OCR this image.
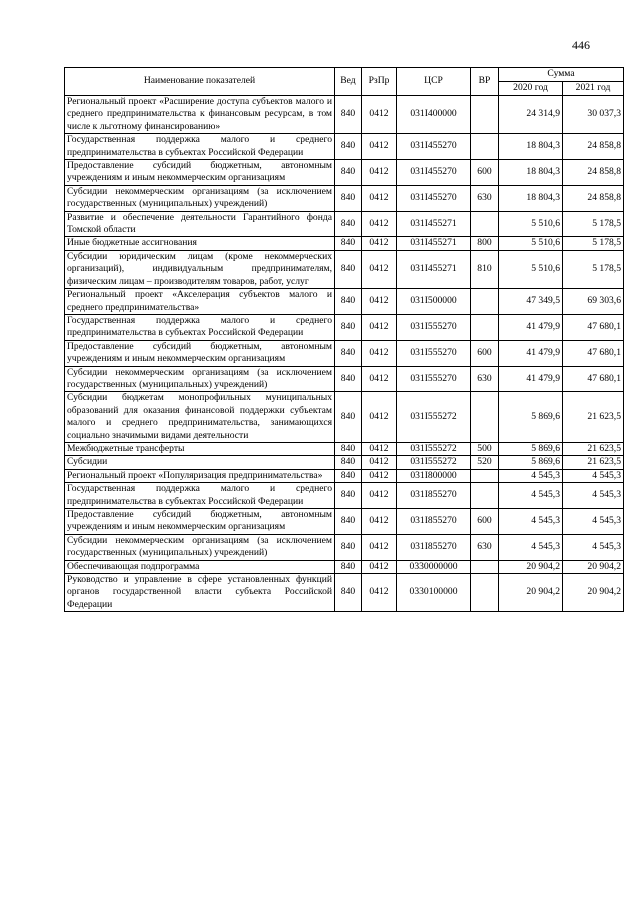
446
Наименование показателей	Вед	РзПр	ЦСР	ВР	Сумма	
					2020 год	2021 год
Региональный проект «Расширение доступа субъектов малого и среднего предпринимательства к финансовым ресурсам, в том числе к льготному финансированию»	840	0412	031I400000		24 314,9	30 037,3
Государственная поддержка малого и среднего предпринимательства в субъектах Российской Федерации	840	0412	031I455270		18 804,3	24 858,8
Предоставление субсидий бюджетным, автономным учреждениям и иным некоммерческим организациям	840	0412	031I455270	600	18 804,3	24 858,8
Субсидии некоммерческим организациям (за исключением государственных (муниципальных) учреждений)	840	0412	031I455270	630	18 804,3	24 858,8
Развитие и обеспечение деятельности Гарантийного фонда Томской области	840	0412	031I455271		5 510,6	5 178,5
Иные бюджетные ассигнования	840	0412	031I455271	800	5 510,6	5 178,5
Субсидии юридическим лицам (кроме некоммерческих организаций), индивидуальным предпринимателям, физическим лицам – производителям товаров, работ, услуг	840	0412	031I455271	810	5 510,6	5 178,5
Региональный проект «Акселерация субъектов малого и среднего предпринимательства»	840	0412	031I500000		47 349,5	69 303,6
Государственная поддержка малого и среднего предпринимательства в субъектах Российской Федерации	840	0412	031I555270		41 479,9	47 680,1
Предоставление субсидий бюджетным, автономным учреждениям и иным некоммерческим организациям	840	0412	031I555270	600	41 479,9	47 680,1
Субсидии некоммерческим организациям (за исключением государственных (муниципальных) учреждений)	840	0412	031I555270	630	41 479,9	47 680,1
Субсидии бюджетам монопрофильных муниципальных образований для оказания финансовой поддержки субъектам малого и среднего предпринимательства, занимающихся социально значимыми видами деятельности	840	0412	031I555272		5 869,6	21 623,5
Межбюджетные трансферты	840	0412	031I555272	500	5 869,6	21 623,5
Субсидии	840	0412	031I555272	520	5 869,6	21 623,5
Региональный проект «Популяризация предпринимательства»	840	0412	031I800000		4 545,3	4 545,3
Государственная поддержка малого и среднего предпринимательства в субъектах Российской Федерации	840	0412	031I855270		4 545,3	4 545,3
Предоставление субсидий бюджетным, автономным учреждениям и иным некоммерческим организациям	840	0412	031I855270	600	4 545,3	4 545,3
Субсидии некоммерческим организациям (за исключением государственных (муниципальных) учреждений)	840	0412	031I855270	630	4 545,3	4 545,3
Обеспечивающая подпрограмма	840	0412	0330000000		20 904,2	20 904,2
Руководство и управление в сфере установленных функций органов государственной власти субъекта Российской Федерации	840	0412	0330100000		20 904,2	20 904,2
